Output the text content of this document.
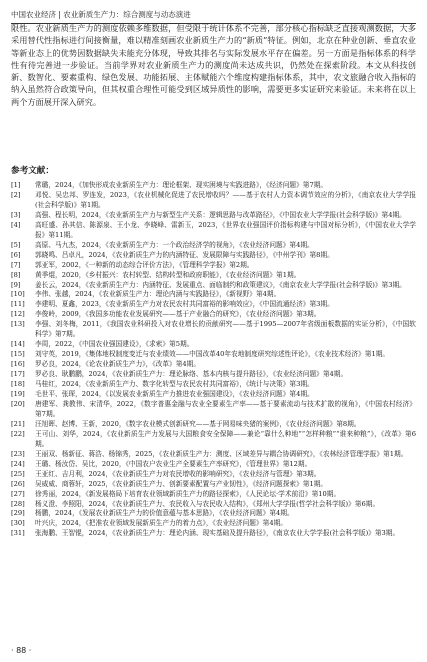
中国农业经济 | 农业新质生产力：综合测度与动态演进

限性。农业新质生产力的测度依赖多维数据，但受限于统计体系不完善，部分核心指标缺乏直接观测数据，大多采用替代性指标进行间接衡量，难以精准刻画农业新质生产力的“新质”特征。例如，北京在种业创新、垂直农业等新业态上的优势因数据缺失未能充分体现，导致其排名与实际发展水平存在偏差。另一方面是指标体系的科学性有待完善进一步验证。当前学界对农业新质生产力的测度尚未达成共识，仍然处在探索阶段。本文从科技创新、数智化、要素重构、绿色发展、功能拓展、主体赋能六个维度构建指标体系，其中，农文旅融合收入指标的纳入虽然符合政策导向，但其权重合理性可能受到区域异质性的影响，需要更多实证研究来验证。未来将在以上两个方面展开深入研究。

参考文献：
[1]	常璐，2024，《加快形成农业新质生产力：理论框架、现实困境与实践进路》，《经济问题》第7期。
[2]	邓悦、吴忠邦、罗连发，2023，《农业机械化促进了农民增收吗？——基于农村人力资本调节效应的分析》，《南京农业大学学报(社会科学版)》第1期。
[3]	高强、程长明，2024，《农业新质生产力与新型生产关系：逻辑思路与改革路径》，《中国农业大学学报(社会科学版)》第4期。
[4]	高旺盛、孙其信、陈源泉、王小龙、李晓峰、雷新玉，2023，《世界农业强国评价指标构建与中国对标分析》，《中国农业大学学报》第11期。
[5]	高原、马九杰，2024，《农业新质生产力：一个政治经济学的视角》，《农业经济问题》第4期。
[6]	郭晓鸣、吕卓凡，2024，《农业新质生产力的内涵特征、发展限障与实践路径》，《中州学刊》第8期。
[7]	郭亚军，2002，《一种新的动态综合评价方法》，《管理科学学报》第2期。
[8]	黄季焜，2020，《乡村振兴：农村转型、结构转型和政府职能》，《农业经济问题》第1期。
[9]	姜长云，2024，《农业新质生产力：内涵特征、发展重点、面临制约和政策建议》，《南京农业大学学报(社会科学版)》第3期。
[10]	李伟、张越，2024，《农业新质生产力：理论内涵与实践路径》，《新视野》第4期。
[11]	李建明、夏鑫，2023，《农业新质生产力对农民农村共同富裕的影响效应》，《中国流通经济》第3期。
[12]	李俊岭，2009，《我国多功能农业发展研究——基于产业融合的研究》，《农业经济问题》第3期。
[13]	李强、刘冬梅，2011，《我国农业科研投入对农业增长的贡献研究——基于1995—2007年省级面板数据的实证分析》，《中国软科学》第7期。
[14]	李周，2022，《中国农业强国建设》，《求索》第5期。
[15]	刘守英，2019，《集体地权制度变迁与农业绩效——中国改革40年农地制度研究综述性评论》，《农业技术经济》第1期。
[16]	罗必良，2024，《论农业新质生产力》，《改革》第4期。
[17]	罗必良、耿鹏鹏，2024，《农业新质生产力：理论脉络、基本内核与提升路径》，《农业经济问题》第4期。
[18]	马桂红，2024，《农业新质生产力、数字化转型与农民农村共同富裕》，《统计与决策》第3期。
[19]	毛世平、张琛，2024，《以发展农业新质生产力推进农业强国建设》，《农业经济问题》第4期。
[20]	唐建军、龚教伟、宋清华，2022，《数字普惠金融与农业全要素生产率——基于要素流动与技术扩散的视角》，《中国农村经济》第7期。
[21]	汪旭晖、赵博、王新，2020，《数字农业模式创新研究——基于网易味央猪的案例》，《农业经济问题》第8期。
[22]	王可山、刘华，2024，《农业新质生产力发展与大国粮食安全保障——兼论“靠什么种地”“怎样种粮”“谁来种粮”》，《改革》第6期。
[23]	王丽双、杨新征、蒋浩、杨锦秀，2025，《农业新质生产力：测度、区域差异与耦合协调研究》，《农林经济管理学报》第1期。
[24]	王璐、杨汝岱、吴比，2020，《中国农户农业生产全要素生产率研究》，《管理世界》第12期。
[25]	王亚红、吉月利，2024，《农业新质生产力对农民增收的影响研究》，《农业经济与管理》第3期。
[26]	吴威威、商蓉轩，2025，《农业新质生产力、创新要素配置与产业韧性》，《经济问题探索》第1期。
[27]	徐秀丽，2024，《新发展格局下培育农业领域新质生产力的路径探索》，《人民论坛·学术前沿》第10期。
[28]	杨义澄、李照阳，2024，《农业新质生产力、农民收入与农民收入结构》，《郑州大学学报(哲学社会科学版)》第6期。
[29]	杨鹏，2024，《发展农业新质生产力的价值意蕴与基本思路》，《农业经济问题》第4期。
[30]	叶兴庆，2024，《把准农业领域发展新质生产力的着力点》，《农业经济问题》第4期。
[31]	张海鹏、王智锟，2024，《农业新质生产力：理论内涵、现实基础及提升路径》，《南京农业大学学报(社会科学版)》第3期。
· 88 ·
